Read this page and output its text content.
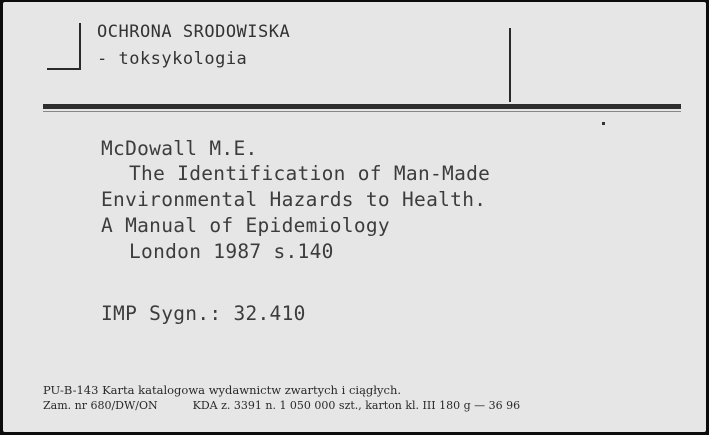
OCHRONA SRODOWISKA
- toksykologia
McDowall M.E.
The Identification of Man-Made
Environmental Hazards to Health.
A Manual of Epidemiology
London 1987 s.140
IMP Sygn.: 32.410
PU-B-143 Karta katalogowa wydawnictw zwartych i ciągłych.
Zam. nr 680/DW/ON          KDA z. 3391 n. 1 050 000 szt., karton kl. III 180 g — 36 96
